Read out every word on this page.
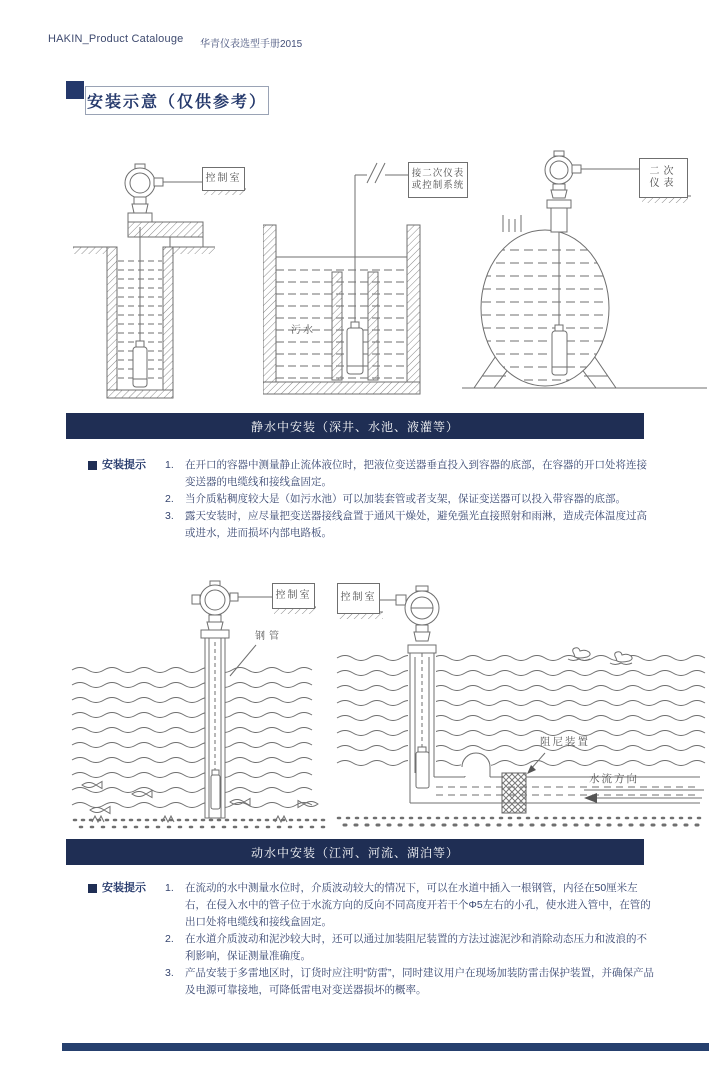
HAKIN_Product Catalouge 华青仪表选型手册2015
安装示意（仅供参考）
控制室	接二次仪表
或控制系统
污水
二次
仪表
控制室
钢管
控制室
阻尼装置
水流方向
静水中安装（深井、水池、液灌等）
安装提示 1.	在开口的容器中测量静止流体液位时，把液位变送器垂直投入到容器的底部，在容器的开口处将连接变送器的电缆线和接线盒固定。
2.	当介质粘稠度较大是（如污水池）可以加装套管或者支架，保证变送器可以投入带容器的底部。
3.	露天安装时，应尽量把变送器接线盒置于通风干燥处，避免强光直接照射和雨淋，造成壳体温度过高或进水，进而损坏内部电路板。
动水中安装（江河、河流、湖泊等）
安装提示 1.	在流动的水中测量水位时，介质波动较大的情况下，可以在水道中插入一根钢管，内径在50厘米左右，在侵入水中的管子位于水流方向的反向不同高度开若干个Φ5左右的小孔，使水进入管中，在管的出口处将电缆线和接线盒固定。
2.	在水道介质波动和泥沙较大时，还可以通过加装阻尼装置的方法过滤泥沙和消除动态压力和波浪的不利影响，保证测量准确度。
3.	产品安装于多雷地区时，订货时应注明“防雷”，同时建议用户在现场加装防雷击保护装置，并确保产品及电源可靠接地，可降低雷电对变送器损坏的概率。
